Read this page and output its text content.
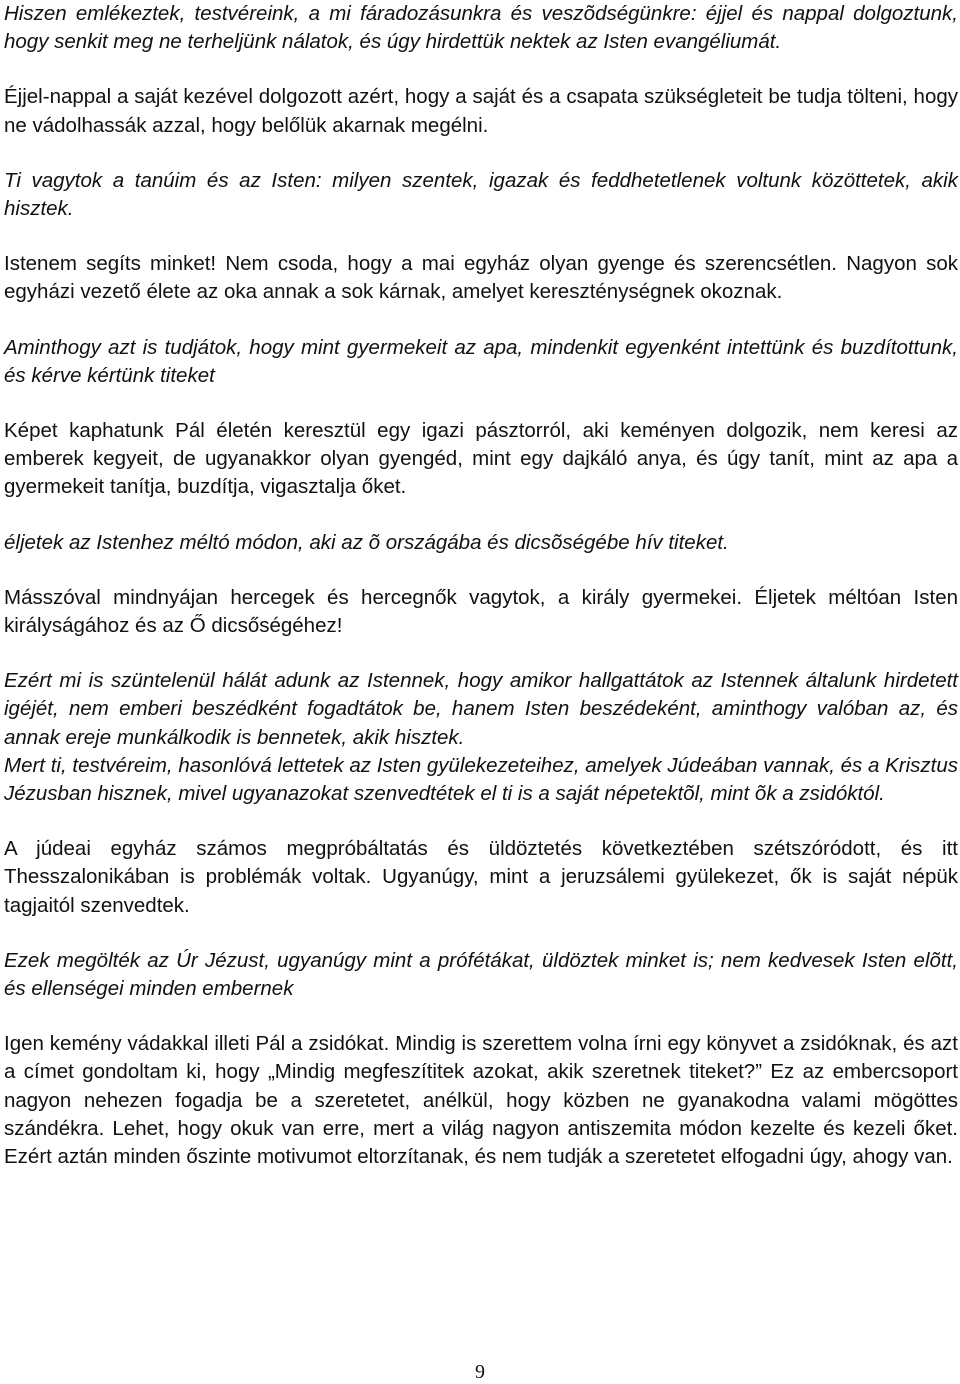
Hiszen emlékeztek, testvéreink, a mi fáradozásunkra és veszõdségünkre: éjjel és nappal dolgoztunk, hogy senkit meg ne terheljünk nálatok, és úgy hirdettük nektek az Isten evangéliumát.

Éjjel-nappal a saját kezével dolgozott azért, hogy a saját és a csapata szükségleteit be tudja tölteni, hogy ne vádolhassák azzal, hogy belőlük akarnak megélni.

Ti vagytok a tanúim és az Isten: milyen szentek, igazak és feddhetetlenek voltunk közöttetek, akik hisztek.

Istenem segíts minket! Nem csoda, hogy a mai egyház olyan gyenge és szerencsétlen. Nagyon sok egyházi vezető élete az oka annak a sok kárnak, amelyet kereszténységnek okoznak.

Aminthogy azt is tudjátok, hogy mint gyermekeit az apa, mindenkit egyenként intettünk és buzdítottunk, és kérve kértünk titeket

Képet kaphatunk Pál életén keresztül egy igazi pásztorról, aki keményen dolgozik, nem keresi az emberek kegyeit, de ugyanakkor olyan gyengéd, mint egy dajkáló anya, és úgy tanít, mint az apa a gyermekeit tanítja, buzdítja, vigasztalja őket.

éljetek az Istenhez méltó módon, aki az õ országába és dicsõségébe hív titeket.

Másszóval mindnyájan hercegek és hercegnők vagytok, a király gyermekei. Éljetek méltóan Isten királyságához és az Ő dicsőségéhez!

Ezért mi is szüntelenül hálát adunk az Istennek, hogy amikor hallgattátok az Istennek általunk hirdetett igéjét, nem emberi beszédként fogadtátok be, hanem Isten beszédeként, aminthogy valóban az, és annak ereje munkálkodik is bennetek, akik hisztek.

Mert ti, testvéreim, hasonlóvá lettetek az Isten gyülekezeteihez, amelyek Júdeában vannak, és a Krisztus Jézusban hisznek, mivel ugyanazokat szenvedtétek el ti is a saját népetektõl, mint õk a zsidóktól.

A júdeai egyház számos megpróbáltatás és üldöztetés következtében szétszóródott, és itt Thesszalonikában is problémák voltak. Ugyanúgy, mint a jeruzsálemi gyülekezet, ők is saját népük tagjaitól szenvedtek.

Ezek megölték az Úr Jézust, ugyanúgy mint a prófétákat, üldöztek minket is; nem kedvesek Isten elõtt, és ellenségei minden embernek

Igen kemény vádakkal illeti Pál a zsidókat. Mindig is szerettem volna írni egy könyvet a zsidóknak, és azt a címet gondoltam ki, hogy „Mindig megfeszítitek azokat, akik szeretnek titeket?” Ez az embercsoport nagyon nehezen fogadja be a szeretetet, anélkül, hogy közben ne gyanakodna valami mögöttes szándékra. Lehet, hogy okuk van erre, mert a világ nagyon antiszemita módon kezelte és kezeli őket. Ezért aztán minden őszinte motivumot eltorzítanak, és nem tudják a szeretetet elfogadni úgy, ahogy van.

9
